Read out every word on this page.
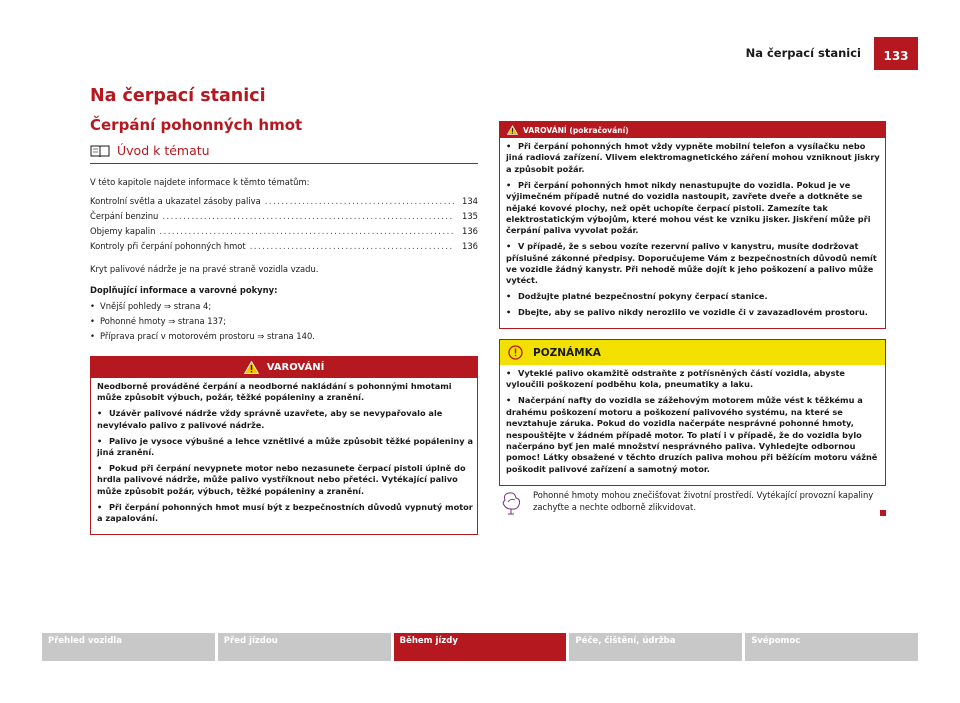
Na čerpací stanici	133
Na čerpací stanici
Čerpání pohonných hmot
Úvod k tématu

V této kapitole najdete informace k těmto tématům:

Kontrolní světla a ukazatel zásoby paliva .....	134
Čerpání benzinu .....	135
Objemy kapalin .....	136
Kontroly při čerpání pohonných hmot .....	136

Kryt palivové nádrže je na pravé straně vozidla vzadu.

Doplňující informace a varovné pokyny:

• Vnější pohledy ⇒ strana 4;
• Pohonné hmoty ⇒ strana 137;
• Příprava prací v motorovém prostoru ⇒ strana 140.
VAROVÁNÍ

Neodborně prováděné čerpání a neodborné nakládání s pohonnými hmotami může způsobit výbuch, požár, těžké popáleniny a zranění.

• Uzávěr palivové nádrže vždy správně uzavřete, aby se nevypařovalo ale nevylévalo palivo z palivové nádrže.

• Palivo je vysoce výbušné a lehce vznětlivé a může způsobit těžké popáleniny a jiná zranění.

• Pokud při čerpání nevypnete motor nebo nezasunete čerpací pistoli úplně do hrdla palivové nádrže, může palivo vystříknout nebo přetéci. Vytékající palivo může způsobit požár, výbuch, těžké popáleniny a zranění.

• Při čerpání pohonných hmot musí být z bezpečnostních důvodů vypnutý motor a zapalování.

VAROVÁNÍ (pokračování)

• Při čerpání pohonných hmot vždy vypněte mobilní telefon a vysílačku nebo jiná radiová zařízení. Vlivem elektromagnetického záření mohou vzniknout jiskry a způsobit požár.

• Při čerpání pohonných hmot nikdy nenastupujte do vozidla. Pokud je ve výjimečném případě nutné do vozidla nastoupit, zavřete dveře a dotkněte se nějaké kovové plochy, než opět uchopíte čerpací pistoli. Zamezíte tak elektrostatickým výbojům, které mohou vést ke vzniku jisker. Jiskření může při čerpání paliva vyvolat požár.

• V případě, že s sebou vozíte rezervní palivo v kanystru, musíte dodržovat příslušné zákonné předpisy. Doporučujeme Vám z bezpečnostních důvodů nemít ve vozidle žádný kanystr. Při nehodě může dojít k jeho poškození a palivo může vytéct.

• Dodžujte platné bezpečnostní pokyny čerpací stanice.

• Dbejte, aby se palivo nikdy nerozlilo ve vozidle či v zavazadlovém prostoru.

POZNÁMKA

• Vyteklé palivo okamžitě odstraňte z potřísněných částí vozidla, abyste vyloučili poškození podběhu kola, pneumatiky a laku.

• Načerpání nafty do vozidla se zážehovým motorem může vést k těžkému a drahému poškození motoru a poškození palivového systému, na které se nevztahuje záruka. Pokud do vozidla načerpáte nesprávné pohonné hmoty, nespouštějte v žádném případě motor. To platí i v případě, že do vozidla bylo načerpáno byť jen malé množství nesprávného paliva. Vyhledejte odbornou pomoc! Látky obsažené v těchto druzích paliva mohou při běžícím motoru vážně poškodit palivové zařízení a samotný motor.

Pohonné hmoty mohou znečišťovat životní prostředí. Vytékající provozní kapaliny zachyťte a nechte odborně zlikvidovat.

Přehled vozidla	Před jízdou	Během jízdy	Péče, čištění, údržba	Svépomoc
